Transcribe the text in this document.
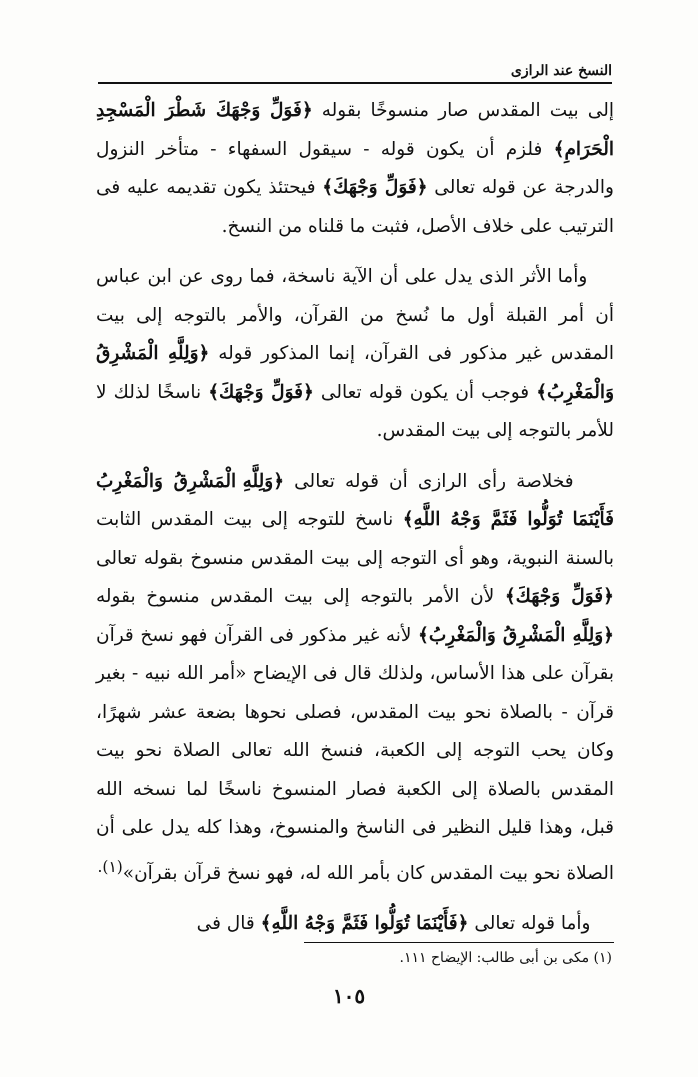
النسخ عند الرازى

إلى بيت المقدس صار منسوخًا بقوله ﴿فَوَلِّ وَجْهَكَ شَطْرَ الْمَسْجِدِ الْحَرَامِ﴾ فلزم أن يكون قوله - سيقول السفهاء - متأخر النزول والدرجة عن قوله تعالى ﴿فَوَلِّ وَجْهَكَ﴾ فيحتئذ يكون تقديمه عليه فى الترتيب على خلاف الأصل، فثبت ما قلناه من النسخ.

وأما الأثر الذى يدل على أن الآية ناسخة، فما روى عن ابن عباس أن أمر القبلة أول ما نُسخ من القرآن، والأمر بالتوجه إلى بيت المقدس غير مذكور فى القرآن، إنما المذكور قوله ﴿وَلِلَّهِ الْمَشْرِقُ وَالْمَغْرِبُ﴾ فوجب أن يكون قوله تعالى ﴿فَوَلِّ وَجْهَكَ﴾ ناسخًا لذلك لا للأمر بالتوجه إلى بيت المقدس.

فخلاصة رأى الرازى أن قوله تعالى ﴿وَلِلَّهِ الْمَشْرِقُ وَالْمَغْرِبُ فَأَيْنَمَا تُوَلُّوا فَثَمَّ وَجْهُ اللَّهِ﴾ ناسخ للتوجه إلى بيت المقدس الثابت بالسنة النبوية، وهو أى التوجه إلى بيت المقدس منسوخ بقوله تعالى ﴿فَوَلِّ وَجْهَكَ﴾ لأن الأمر بالتوجه إلى بيت المقدس منسوخ بقوله ﴿وَلِلَّهِ الْمَشْرِقُ وَالْمَغْرِبُ﴾ لأنه غير مذكور فى القرآن فهو نسخ قرآن بقرآن على هذا الأساس، ولذلك قال فى الإيضاح «أمر الله نبيه - بغير قرآن - بالصلاة نحو بيت المقدس، فصلى نحوها بضعة عشر شهرًا، وكان يحب التوجه إلى الكعبة، فنسخ الله تعالى الصلاة نحو بيت المقدس بالصلاة إلى الكعبة فصار المنسوخ ناسخًا لما نسخه الله قبل، وهذا قليل النظير فى الناسخ والمنسوخ، وهذا كله يدل على أن الصلاة نحو بيت المقدس كان بأمر الله له، فهو نسخ قرآن بقرآن»$^{(١).}$

وأما قوله تعالى ﴿فَأَيْنَمَا تُوَلُّوا فَثَمَّ وَجْهُ اللَّهِ﴾ قال فى

(١) مكى بن أبى طالب: الإيضاح ١١١.
١٠٥
